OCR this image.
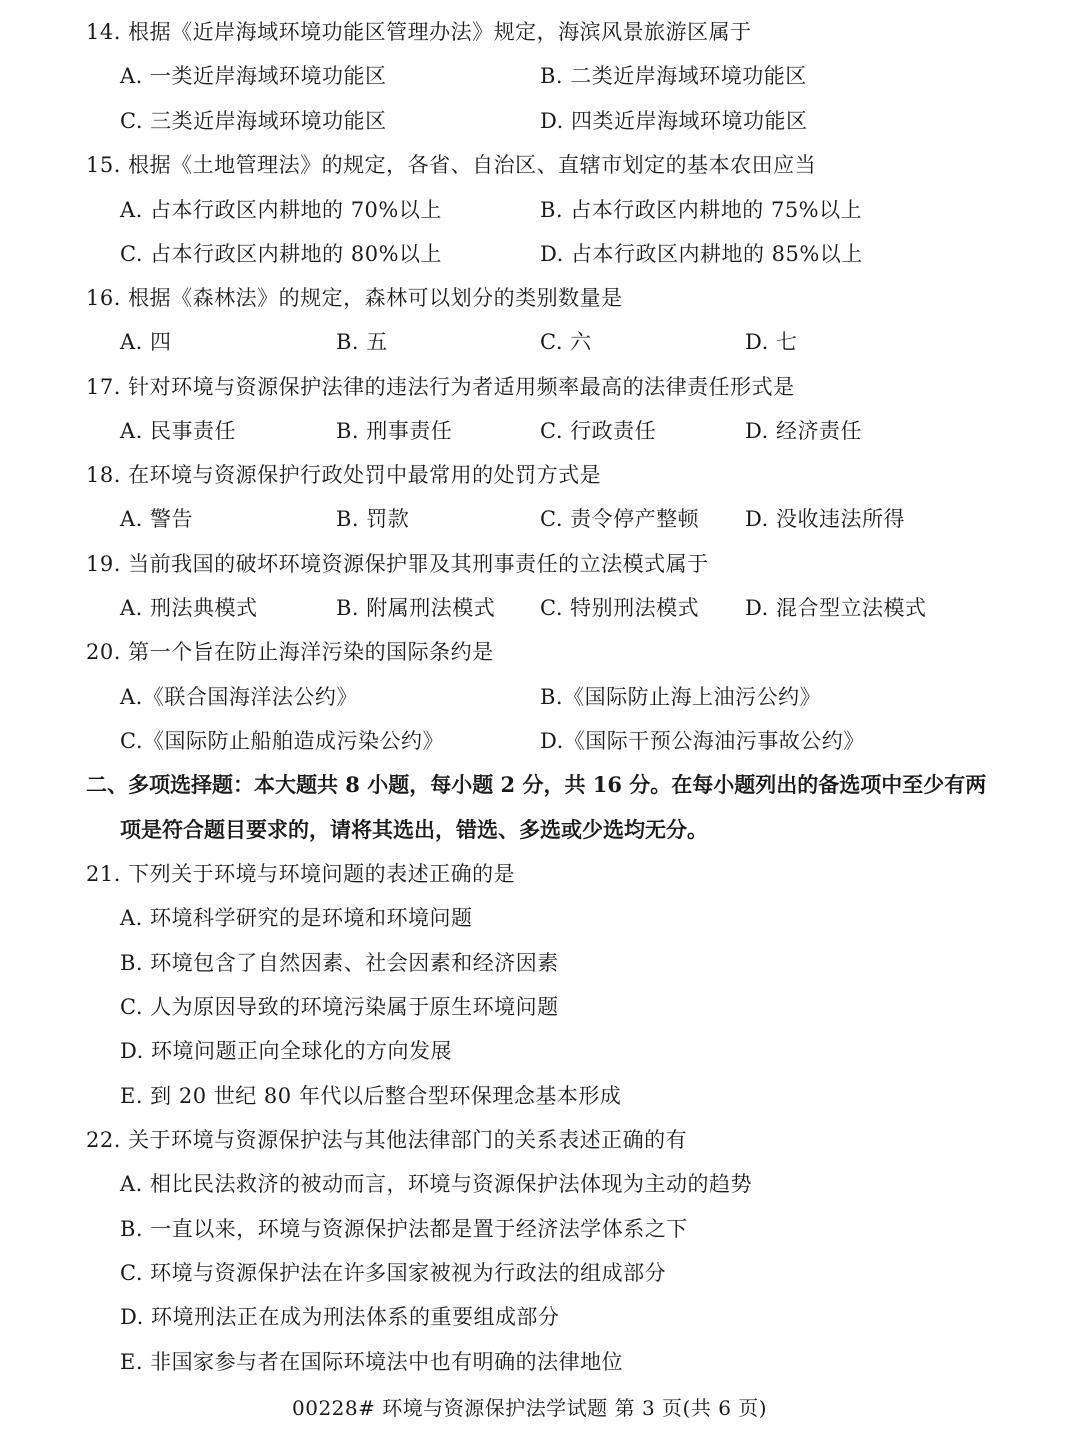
14. 根据《近岸海域环境功能区管理办法》规定，海滨风景旅游区属于
A. 一类近岸海域环境功能区	B. 二类近岸海域环境功能区
C. 三类近岸海域环境功能区	D. 四类近岸海域环境功能区
15. 根据《土地管理法》的规定，各省、自治区、直辖市划定的基本农田应当
A. 占本行政区内耕地的 70%以上	B. 占本行政区内耕地的 75%以上
C. 占本行政区内耕地的 80%以上	D. 占本行政区内耕地的 85%以上
16. 根据《森林法》的规定，森林可以划分的类别数量是
A. 四	B. 五	C. 六	D. 七
17. 针对环境与资源保护法律的违法行为者适用频率最高的法律责任形式是
A. 民事责任	B. 刑事责任	C. 行政责任	D. 经济责任
18. 在环境与资源保护行政处罚中最常用的处罚方式是
A. 警告	B. 罚款	C. 责令停产整顿 D. 没收违法所得
19. 当前我国的破坏环境资源保护罪及其刑事责任的立法模式属于
A. 刑法典模式	B. 附属刑法模式 C. 特别刑法模式 D. 混合型立法模式
20. 第一个旨在防止海洋污染的国际条约是
A.《联合国海洋法公约》	B.《国际防止海上油污公约》
C.《国际防止船舶造成污染公约》	D.《国际干预公海油污事故公约》
二、多项选择题：本大题共 8 小题，每小题 2 分，共 16 分。在每小题列出的备选项中至少有两
项是符合题目要求的，请将其选出，错选、多选或少选均无分。
21. 下列关于环境与环境问题的表述正确的是
A. 环境科学研究的是环境和环境问题
B. 环境包含了自然因素、社会因素和经济因素
C. 人为原因导致的环境污染属于原生环境问题
D. 环境问题正向全球化的方向发展
E. 到 20 世纪 80 年代以后整合型环保理念基本形成
22. 关于环境与资源保护法与其他法律部门的关系表述正确的有
A. 相比民法救济的被动而言，环境与资源保护法体现为主动的趋势
B. 一直以来，环境与资源保护法都是置于经济法学体系之下
C. 环境与资源保护法在许多国家被视为行政法的组成部分
D. 环境刑法正在成为刑法体系的重要组成部分
E. 非国家参与者在国际环境法中也有明确的法律地位
00228# 环境与资源保护法学试题 第 3 页(共 6 页)
